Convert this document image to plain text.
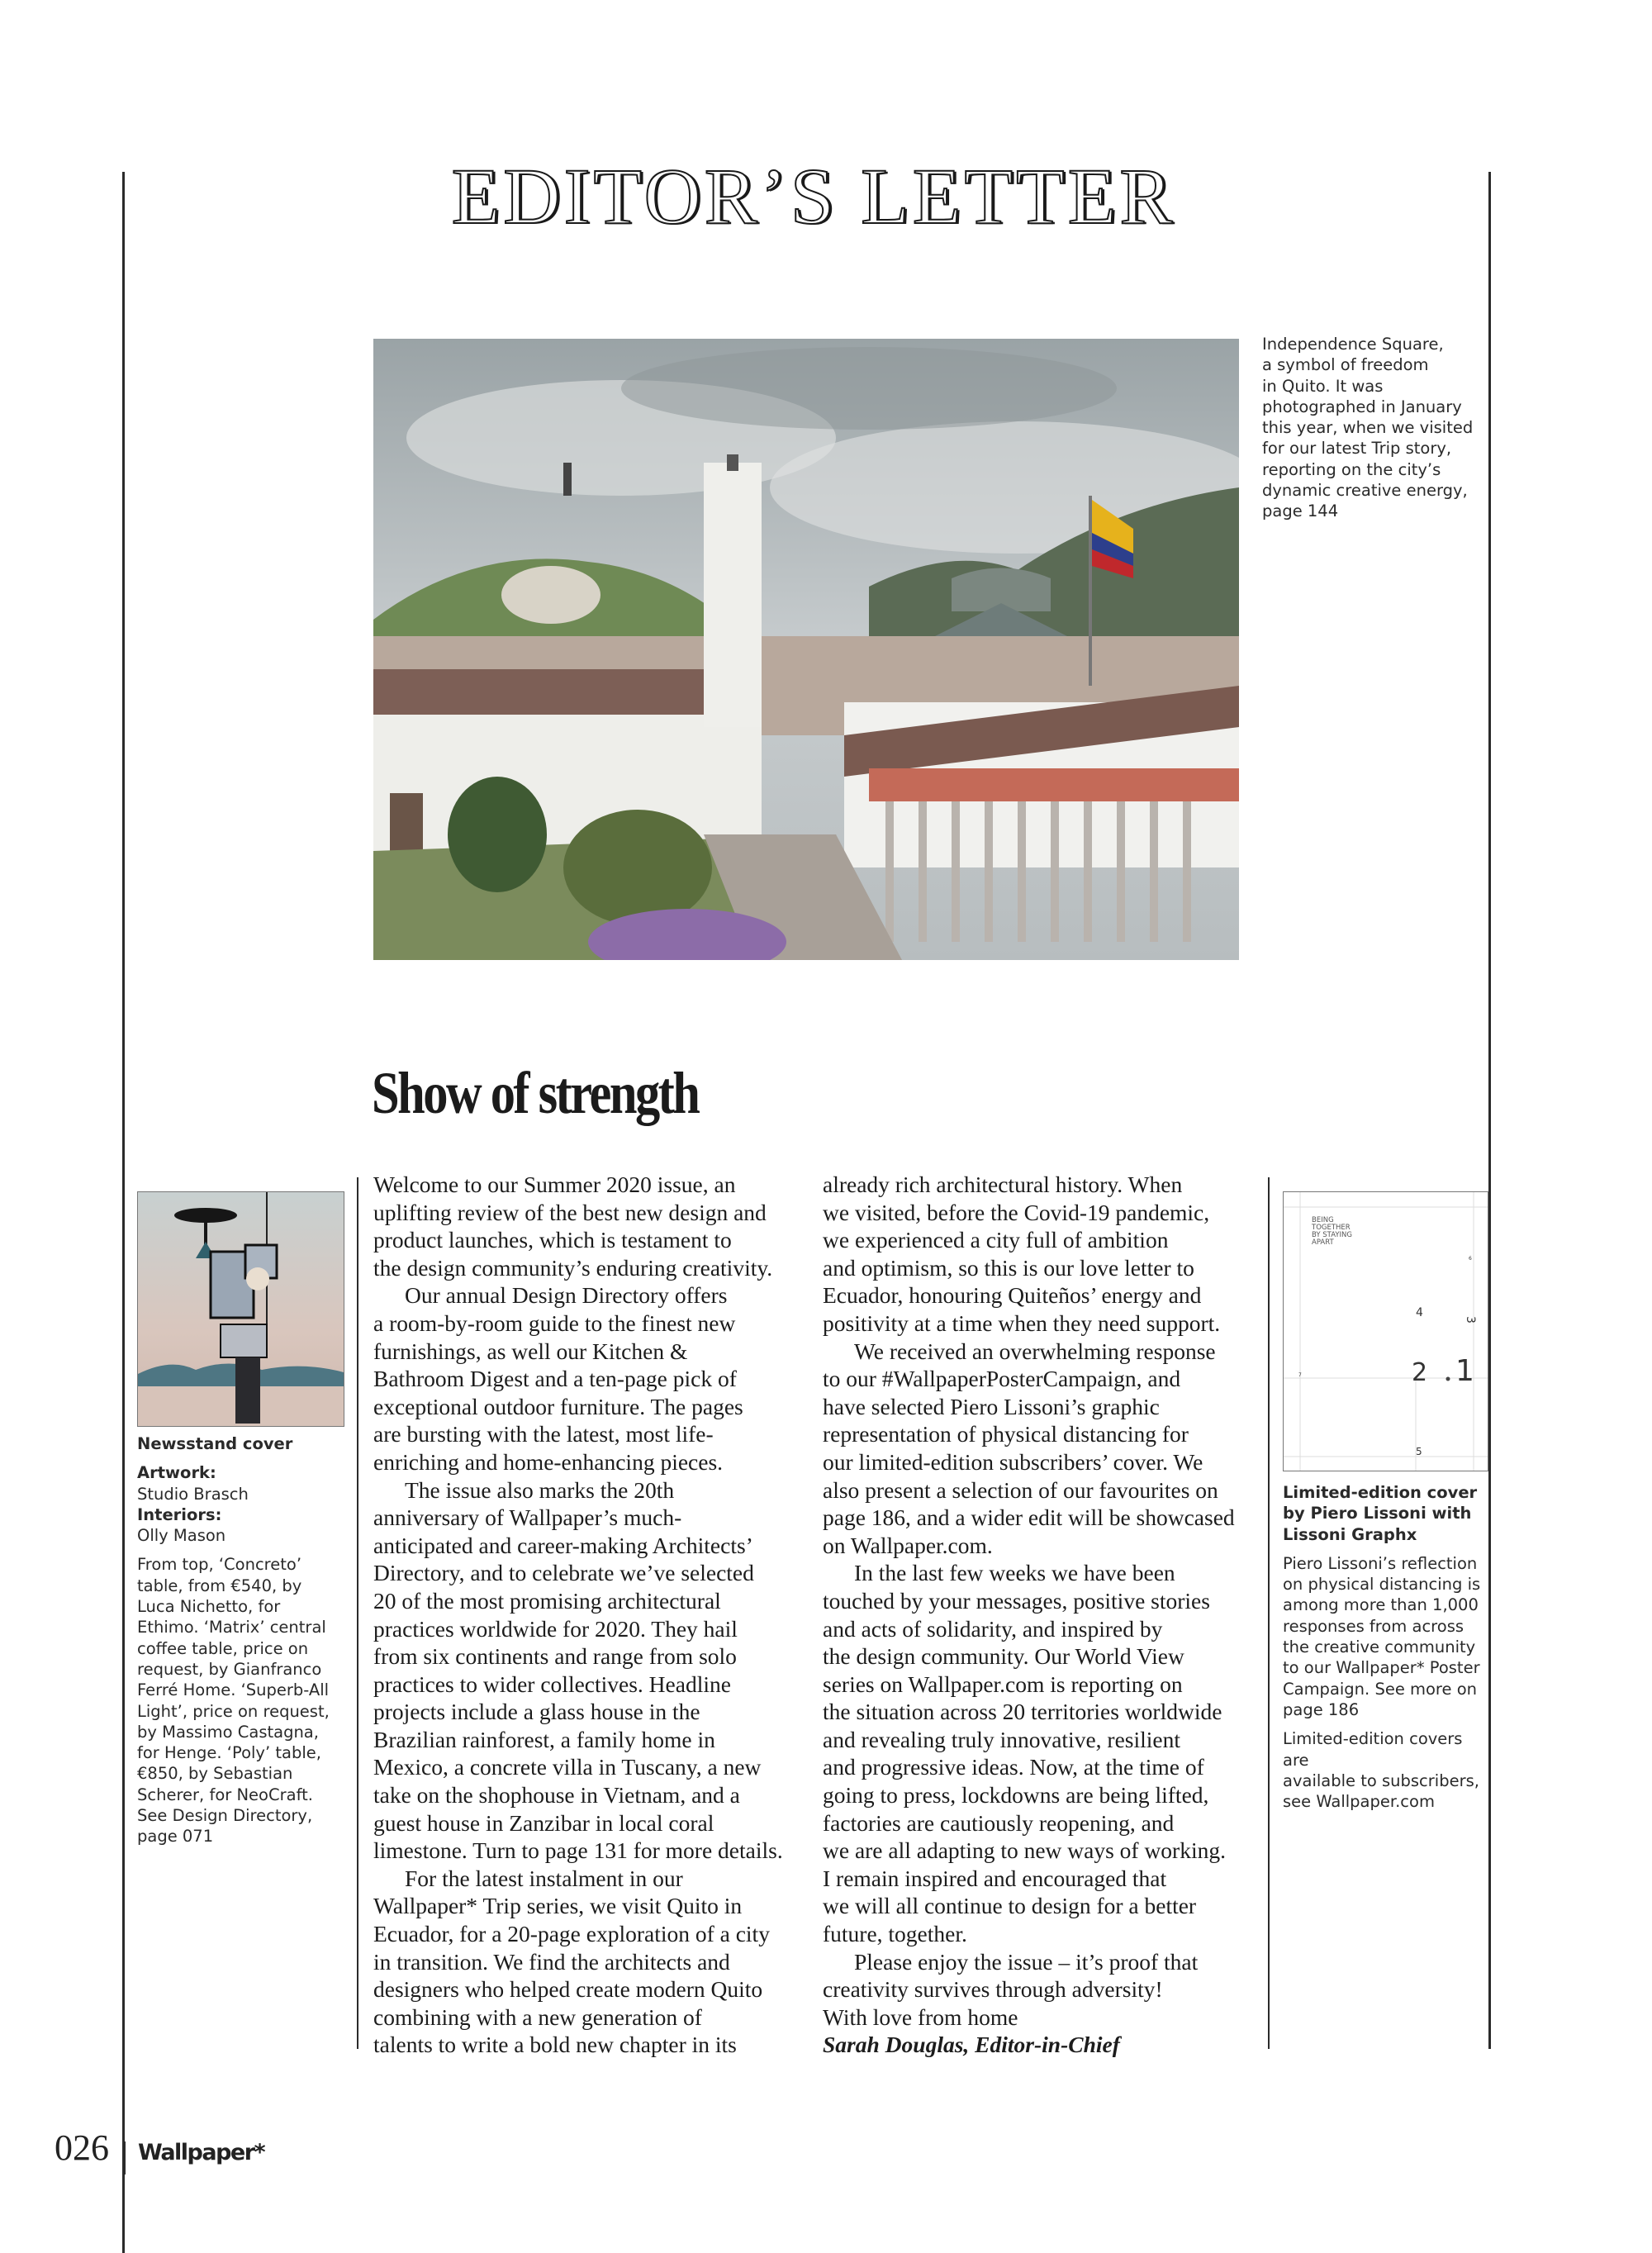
EDITOR’S LETTER
Independence Square,
a symbol of freedom
in Quito. It was
photographed in January
this year, when we visited
for our latest Trip story,
reporting on the city’s
dynamic creative energy,
page 144
Show of strength
Welcome to our Summer 2020 issue, an
uplifting review of the best new design and
product launches, which is testament to
the design community’s enduring creativity.
Our annual Design Directory offers
a room-by-room guide to the finest new
furnishings, as well our Kitchen &
Bathroom Digest and a ten-page pick of
exceptional outdoor furniture. The pages
are bursting with the latest, most life-
enriching and home-enhancing pieces.
The issue also marks the 20th
anniversary of Wallpaper’s much-
anticipated and career-making Architects’
Directory, and to celebrate we’ve selected
20 of the most promising architectural
practices worldwide for 2020. They hail
from six continents and range from solo
practices to wider collectives. Headline
projects include a glass house in the
Brazilian rainforest, a family home in
Mexico, a concrete villa in Tuscany, a new
take on the shophouse in Vietnam, and a
guest house in Zanzibar in local coral
limestone. Turn to page 131 for more details.
For the latest instalment in our
Wallpaper* Trip series, we visit Quito in
Ecuador, for a 20-page exploration of a city
in transition. We find the architects and
designers who helped create modern Quito
combining with a new generation of
talents to write a bold new chapter in its
already rich architectural history. When
we visited, before the Covid-19 pandemic,
we experienced a city full of ambition
and optimism, so this is our love letter to
Ecuador, honouring Quiteños’ energy and
positivity at a time when they need support.
We received an overwhelming response
to our #WallpaperPosterCampaign, and
have selected Piero Lissoni’s graphic
representation of physical distancing for
our limited-edition subscribers’ cover. We
also present a selection of our favourites on
page 186, and a wider edit will be showcased
on Wallpaper.com.
In the last few weeks we have been
touched by your messages, positive stories
and acts of solidarity, and inspired by
the design community. Our World View
series on Wallpaper.com is reporting on
the situation across 20 territories worldwide
and revealing truly innovative, resilient
and progressive ideas. Now, at the time of
going to press, lockdowns are being lifted,
factories are cautiously reopening, and
we are all adapting to new ways of working.
I remain inspired and encouraged that
we will all continue to design for a better
future, together.
Please enjoy the issue – it’s proof that
creativity survives through adversity!
With love from home
Sarah Douglas, Editor-in-Chief
Newsstand cover
Artwork:
Studio Brasch
Interiors:
Olly Mason
From top, ‘Concreto’
table, from €540, by
Luca Nichetto, for
Ethimo. ‘Matrix’ central
coffee table, price on
request, by Gianfranco
Ferré Home. ‘Superb-All
Light’, price on request,
by Massimo Castagna,
for Henge. ‘Poly’ table,
€850, by Sebastian
Scherer, for NeoCraft.
See Design Directory,
page 071
BEING
TOGETHER
BY STAYING
APART
1
2
3
4
5
6
7
Limited-edition cover
by Piero Lissoni with
Lissoni Graphx
Piero Lissoni’s reflection
on physical distancing is
among more than 1,000
responses from across
the creative community
to our Wallpaper* Poster
Campaign. See more on
page 186
Limited-edition covers are
available to subscribers,
see Wallpaper.com
026 Wallpaper*
